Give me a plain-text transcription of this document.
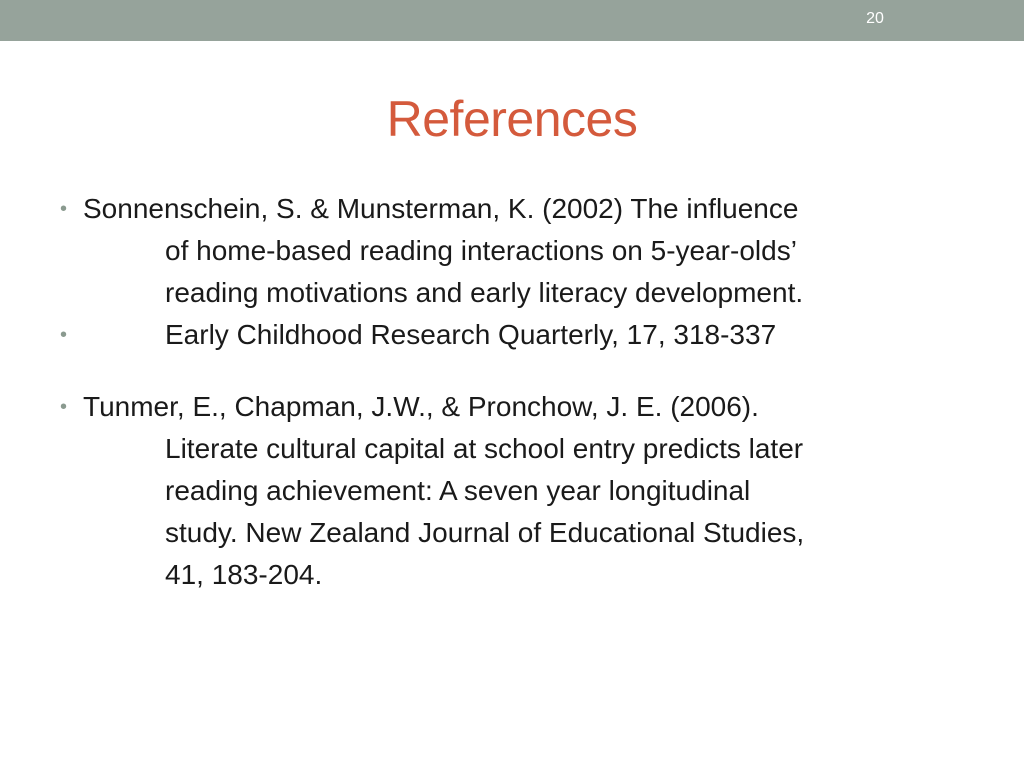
20
References
• Sonnenschein, S. & Munsterman, K. (2002) The influence
of home-based reading interactions on 5-year-olds’
reading motivations and early literacy development.
•	Early Childhood Research Quarterly, 17, 318-337
• Tunmer, E., Chapman, J.W., & Pronchow, J. E. (2006).
Literate cultural capital at school entry predicts later
reading achievement: A seven year longitudinal
study. New Zealand Journal of Educational Studies,
41, 183-204.
